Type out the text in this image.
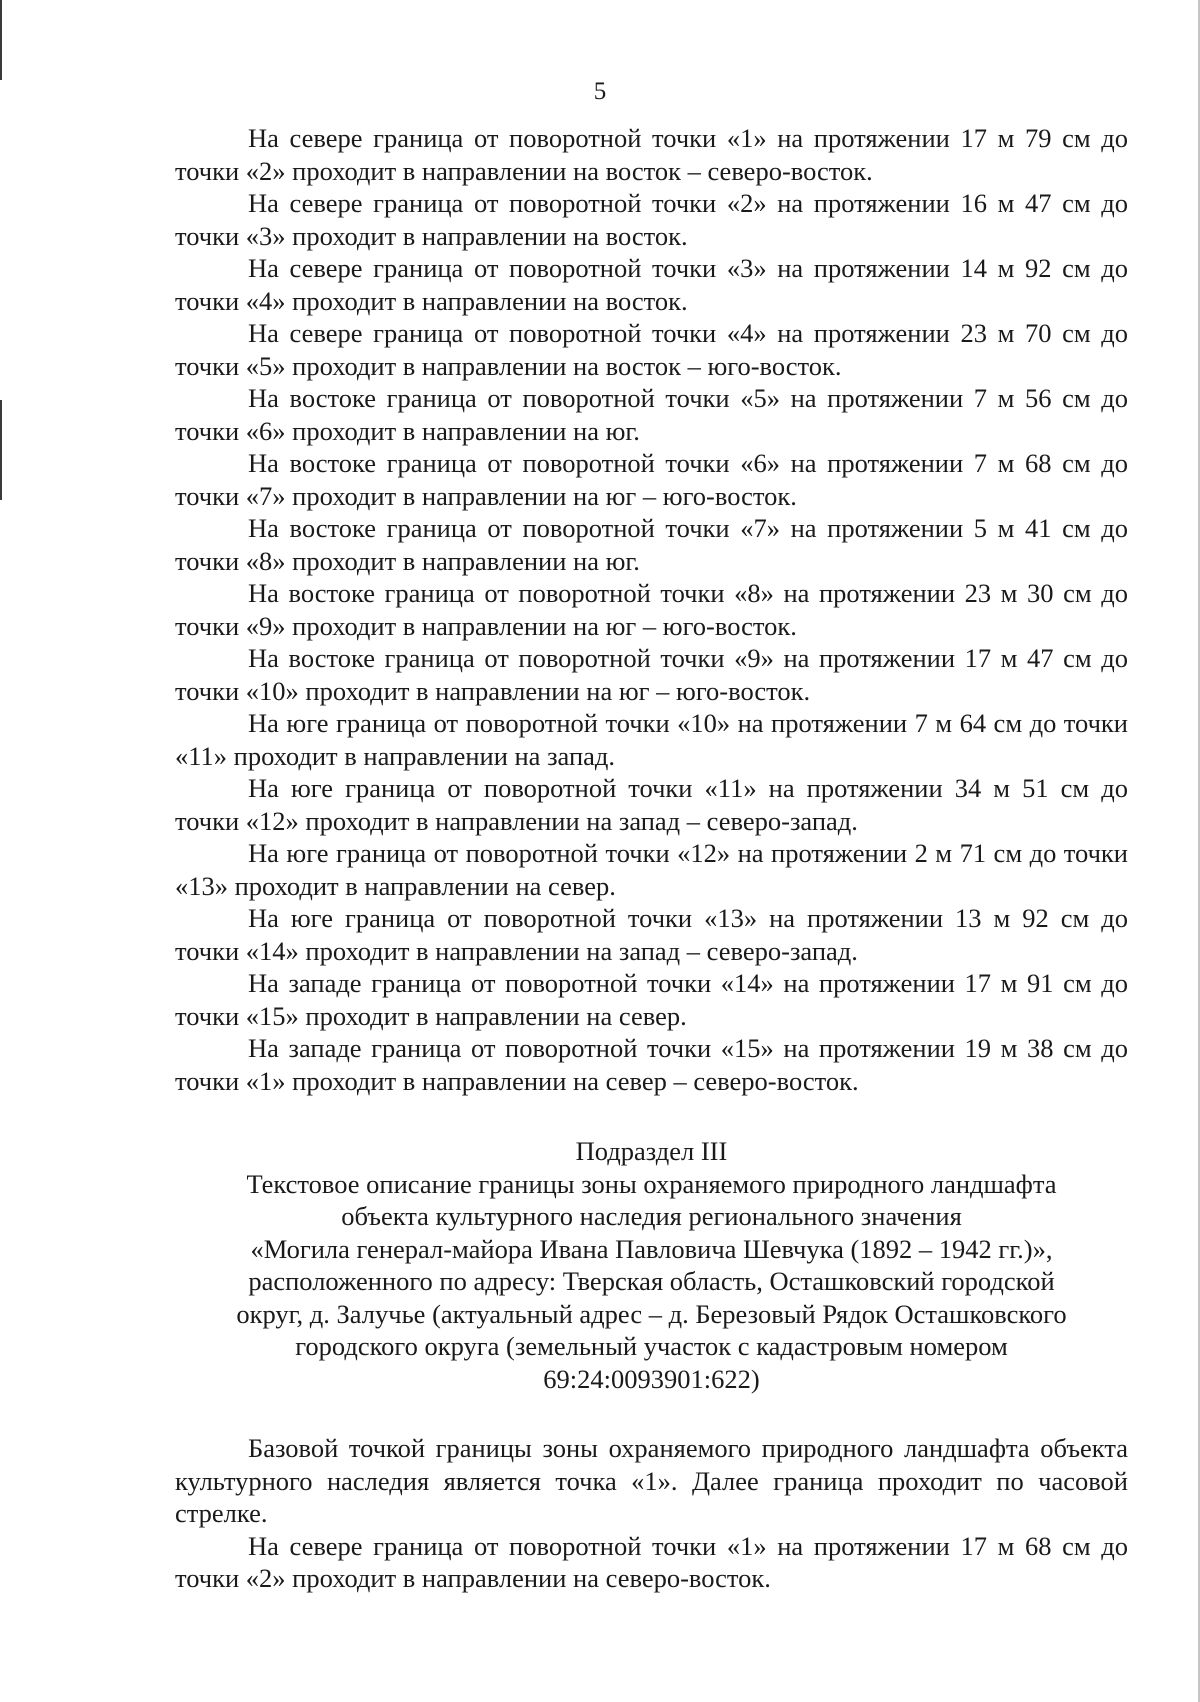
5

На севере граница от поворотной точки «1» на протяжении 17 м 79 см до точки «2» проходит в направлении на восток – северо-восток.

На севере граница от поворотной точки «2» на протяжении 16 м 47 см до точки «3» проходит в направлении на восток.

На севере граница от поворотной точки «3» на протяжении 14 м 92 см до точки «4» проходит в направлении на восток.

На севере граница от поворотной точки «4» на протяжении 23 м 70 см до точки «5» проходит в направлении на восток – юго-восток.

На востоке граница от поворотной точки «5» на протяжении 7 м 56 см до точки «6» проходит в направлении на юг.

На востоке граница от поворотной точки «6» на протяжении 7 м 68 см до точки «7» проходит в направлении на юг – юго-восток.

На востоке граница от поворотной точки «7» на протяжении 5 м 41 см до точки «8» проходит в направлении на юг.

На востоке граница от поворотной точки «8» на протяжении 23 м 30 см до точки «9» проходит в направлении на юг – юго-восток.

На востоке граница от поворотной точки «9» на протяжении 17 м 47 см до точки «10» проходит в направлении на юг – юго-восток.

На юге граница от поворотной точки «10» на протяжении 7 м 64 см до точки «11» проходит в направлении на запад.

На юге граница от поворотной точки «11» на протяжении 34 м 51 см до точки «12» проходит в направлении на запад – северо-запад.

На юге граница от поворотной точки «12» на протяжении 2 м 71 см до точки «13» проходит в направлении на север.

На юге граница от поворотной точки «13» на протяжении 13 м 92 см до точки «14» проходит в направлении на запад – северо-запад.

На западе граница от поворотной точки «14» на протяжении 17 м 91 см до точки «15» проходит в направлении на север.

На западе граница от поворотной точки «15» на протяжении 19 м 38 см до точки «1» проходит в направлении на север – северо-восток.

Подраздел III
Текстовое описание границы зоны охраняемого природного ландшафта
объекта культурного наследия регионального значения
«Могила генерал-майора Ивана Павловича Шевчука (1892 – 1942 гг.)»,
расположенного по адресу: Тверская область, Осташковский городской
округ, д. Залучье (актуальный адрес – д. Березовый Рядок Осташковского
городского округа (земельный участок с кадастровым номером
69:24:0093901:622)

Базовой точкой границы зоны охраняемого природного ландшафта объекта культурного наследия является точка «1». Далее граница проходит по часовой стрелке.

На севере граница от поворотной точки «1» на протяжении 17 м 68 см до точки «2» проходит в направлении на северо-восток.
